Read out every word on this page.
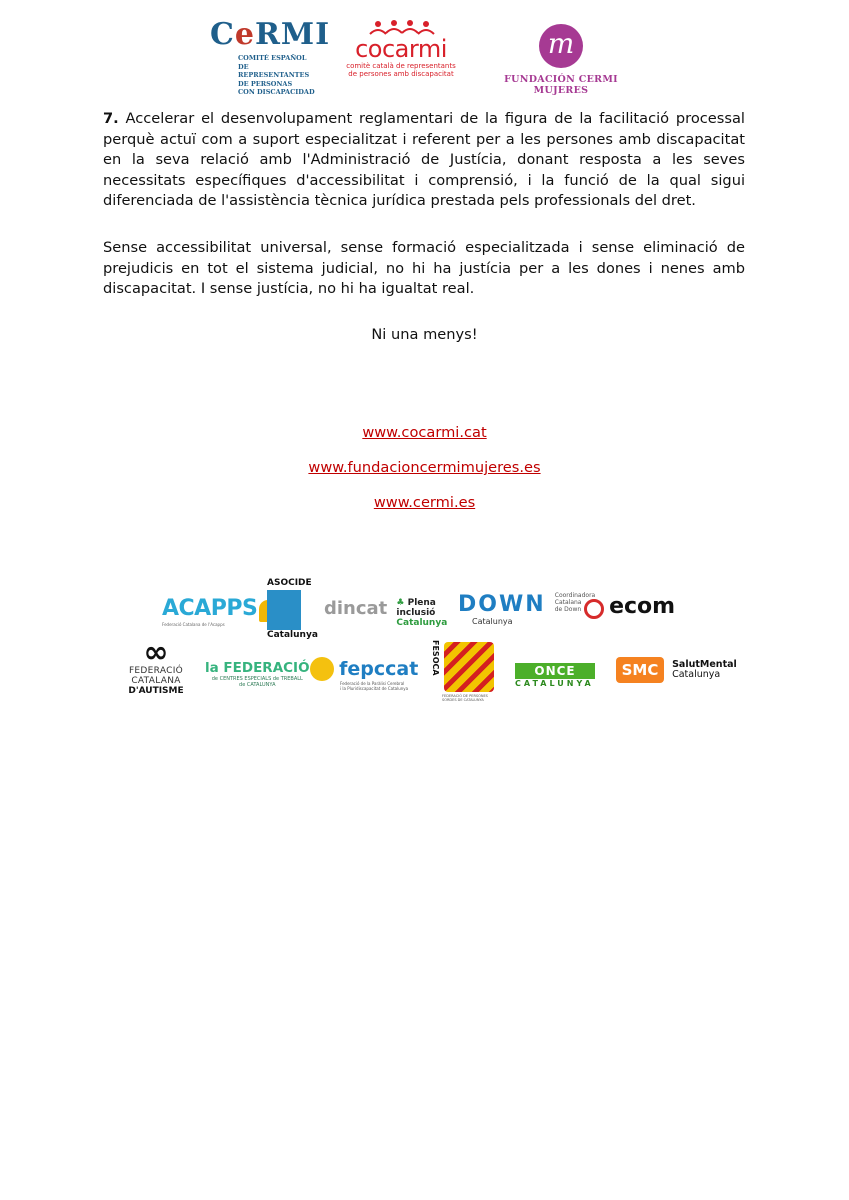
CeRMI
COMITÉ ESPAÑOL
DE REPRESENTANTES
DE PERSONAS
CON DISCAPACIDAD
cocarmi
comitè català de representants
de persones amb discapacitat
m
FUNDACIÓN CERMI MUJERES
7. Accelerar el desenvolupament reglamentari de la figura de la facilitació processal perquè actuï com a suport especialitzat i referent per a les persones amb discapacitat en la seva relació amb l'Administració de Justícia, donant resposta a les seves necessitats específiques d'accessibilitat i comprensió, i la funció de la qual sigui diferenciada de l'assistència tècnica jurídica prestada pels professionals del dret.
Sense accessibilitat universal, sense formació especialitzada i sense eliminació de prejudicis en tot el sistema judicial, no hi ha justícia per a les dones i nenes amb discapacitat. I sense justícia, no hi ha igualtat real.
Ni una menys!
www.cocarmi.cat
www.fundacioncermimujeres.es
www.cermi.es
ACAPPS
Federació Catalana de l'Acapps
ASOCIDE
Catalunya
dincat ♣ Plena
inclusió
Catalunya
DOWN Coordinadora
Catalana
de Down
Catalunya
ecom
∞
FEDERACIÓ
CATALANA
D'AUTISME
la FEDERACIÓ
de CENTRES ESPECIALS de TREBALL
de CATALUNYA
fepccat
Federació de la Paràlisi Cerebral
i la Pluridiscapacitat de Catalunya
FESOCA
FEDERACIÓ DE PERSONES SORDES DE CATALUNYA
ONCE
CATALUNYA
SMC SalutMental
Catalunya
